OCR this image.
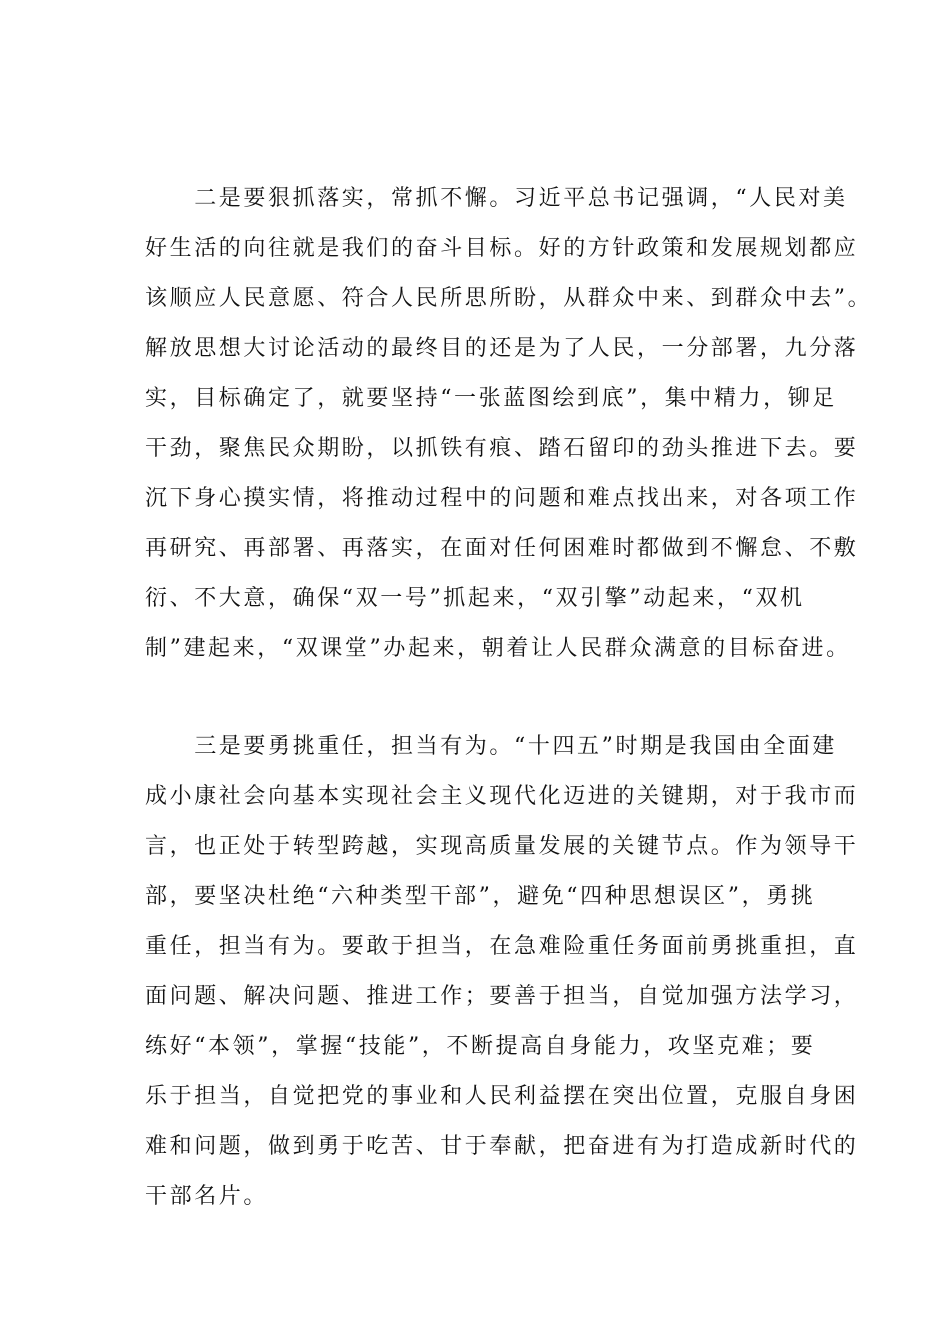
　　二是要狠抓落实，常抓不懈。习近平总书记强调，“人民对美
好生活的向往就是我们的奋斗目标。好的方针政策和发展规划都应
该顺应人民意愿、符合人民所思所盼，从群众中来、到群众中去”。
解放思想大讨论活动的最终目的还是为了人民，一分部署，九分落
实，目标确定了，就要坚持“一张蓝图绘到底”，集中精力，铆足
干劲，聚焦民众期盼，以抓铁有痕、踏石留印的劲头推进下去。要
沉下身心摸实情，将推动过程中的问题和难点找出来，对各项工作
再研究、再部署、再落实，在面对任何困难时都做到不懈怠、不敷
衍、不大意，确保“双一号”抓起来，“双引擎”动起来，“双机
制”建起来，“双课堂”办起来，朝着让人民群众满意的目标奋进。
　　三是要勇挑重任，担当有为。“十四五”时期是我国由全面建
成小康社会向基本实现社会主义现代化迈进的关键期，对于我市而
言，也正处于转型跨越，实现高质量发展的关键节点。作为领导干
部，要坚决杜绝“六种类型干部”，避免“四种思想误区”，勇挑
重任，担当有为。要敢于担当，在急难险重任务面前勇挑重担，直
面问题、解决问题、推进工作；要善于担当，自觉加强方法学习，
练好“本领”，掌握“技能”，不断提高自身能力，攻坚克难；要
乐于担当，自觉把党的事业和人民利益摆在突出位置，克服自身困
难和问题，做到勇于吃苦、甘于奉献，把奋进有为打造成新时代的
干部名片。
